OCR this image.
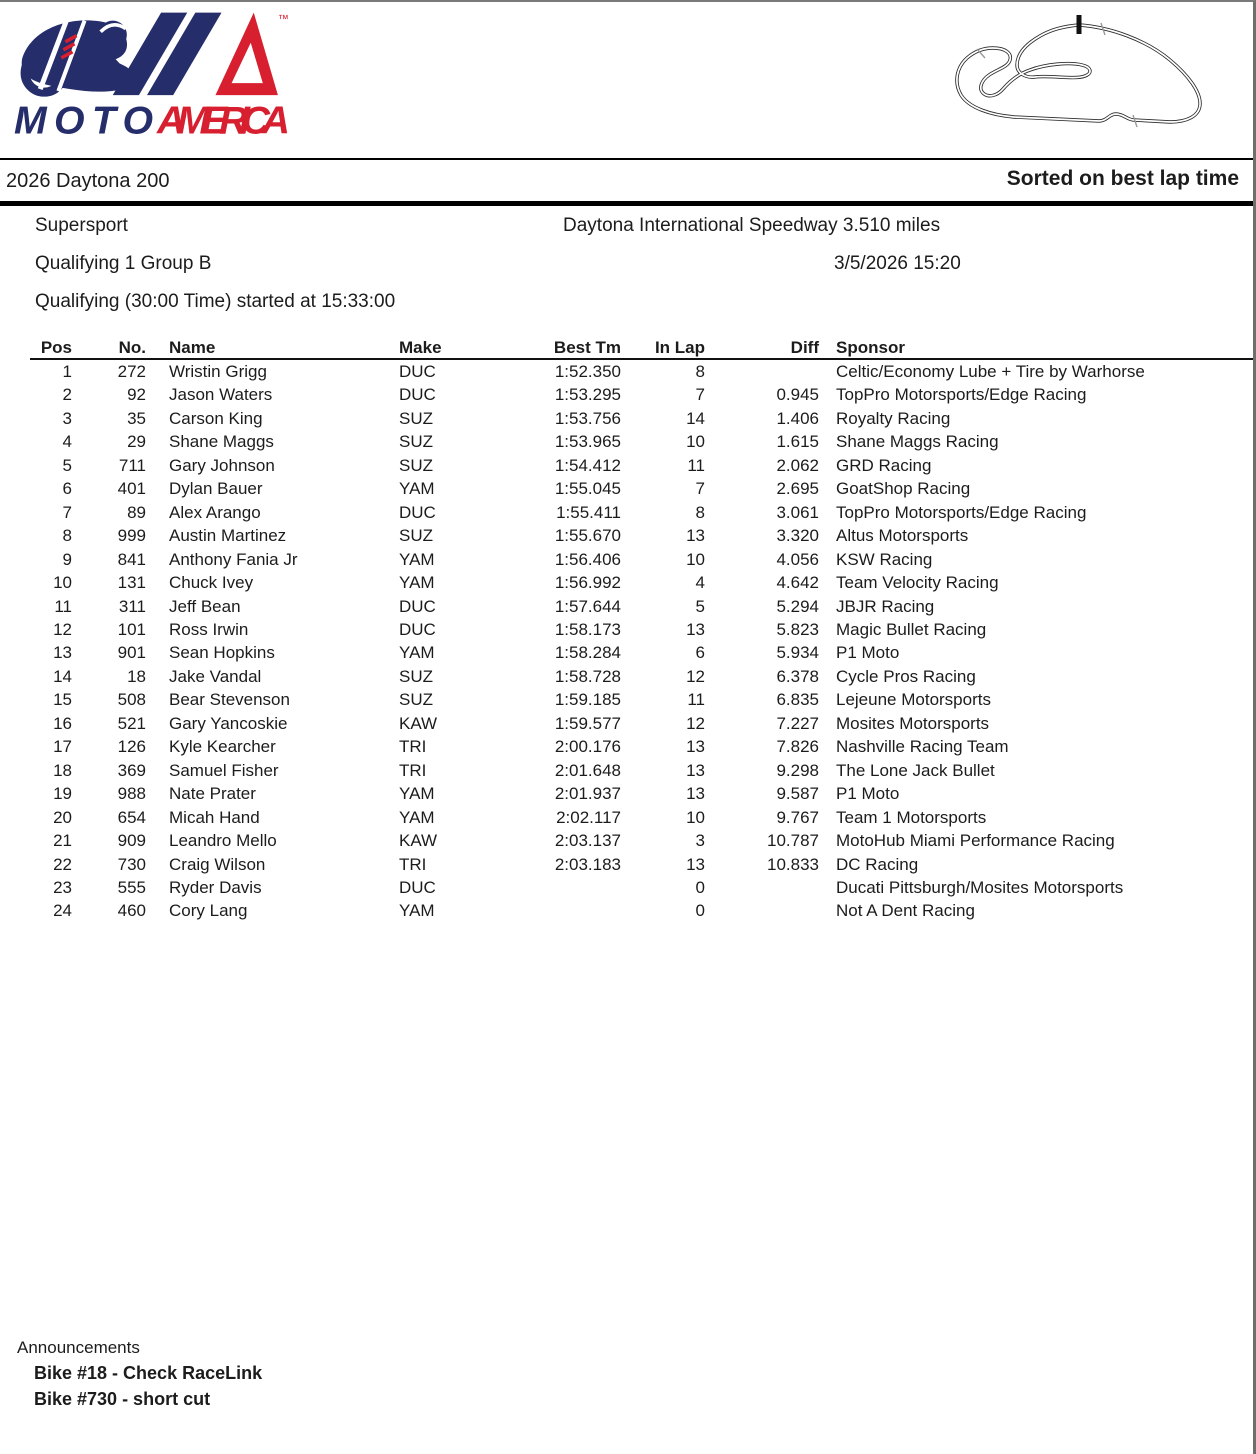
™
MOTO AMERICA
2026 Daytona 200	Sorted on best lap time
Supersport	Daytona International Speedway 3.510 miles
Qualifying 1 Group B	3/5/2026 15:20
Qualifying (30:00 Time) started at 15:33:00
Pos	No.	Name	Make	Best Tm	In Lap	Diff	Sponsor
1	272	Wristin Grigg	DUC	1:52.350	8		Celtic/Economy Lube + Tire by Warhorse
2	92	Jason Waters	DUC	1:53.295	7	0.945	TopPro Motorsports/Edge Racing
3	35	Carson King	SUZ	1:53.756	14	1.406	Royalty Racing
4	29	Shane Maggs	SUZ	1:53.965	10	1.615	Shane Maggs Racing
5	711	Gary Johnson	SUZ	1:54.412	11	2.062	GRD Racing
6	401	Dylan Bauer	YAM	1:55.045	7	2.695	GoatShop Racing
7	89	Alex Arango	DUC	1:55.411	8	3.061	TopPro Motorsports/Edge Racing
8	999	Austin Martinez	SUZ	1:55.670	13	3.320	Altus Motorsports
9	841	Anthony Fania Jr	YAM	1:56.406	10	4.056	KSW Racing
10	131	Chuck Ivey	YAM	1:56.992	4	4.642	Team Velocity Racing
11	311	Jeff Bean	DUC	1:57.644	5	5.294	JBJR Racing
12	101	Ross Irwin	DUC	1:58.173	13	5.823	Magic Bullet Racing
13	901	Sean Hopkins	YAM	1:58.284	6	5.934	P1 Moto
14	18	Jake Vandal	SUZ	1:58.728	12	6.378	Cycle Pros Racing
15	508	Bear Stevenson	SUZ	1:59.185	11	6.835	Lejeune Motorsports
16	521	Gary Yancoskie	KAW	1:59.577	12	7.227	Mosites Motorsports
17	126	Kyle Kearcher	TRI	2:00.176	13	7.826	Nashville Racing Team
18	369	Samuel Fisher	TRI	2:01.648	13	9.298	The Lone Jack Bullet
19	988	Nate Prater	YAM	2:01.937	13	9.587	P1 Moto
20	654	Micah Hand	YAM	2:02.117	10	9.767	Team 1 Motorsports
21	909	Leandro Mello	KAW	2:03.137	3	10.787	MotoHub Miami Performance Racing
22	730	Craig Wilson	TRI	2:03.183	13	10.833	DC Racing
23	555	Ryder Davis	DUC		0		Ducati Pittsburgh/Mosites Motorsports
24	460	Cory Lang	YAM		0		Not A Dent Racing
Announcements
Bike #18 - Check RaceLink
Bike #730 - short cut
